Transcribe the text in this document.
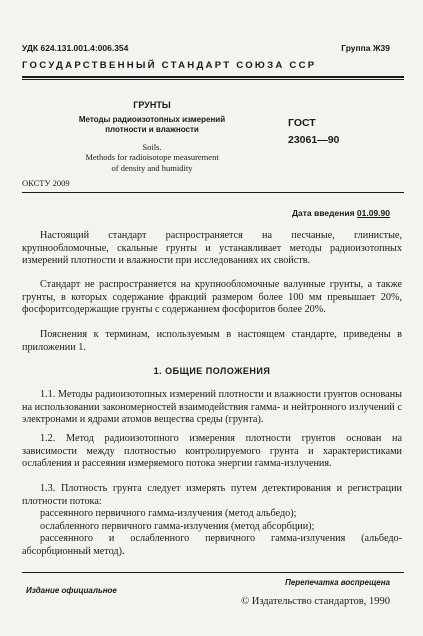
УДК 624.131.001.4:006.354	Группа Ж39
ГОСУДАРСТВЕННЫЙ СТАНДАРТ СОЮЗА ССР
ГРУНТЫ
Методы радиоизотопных измерений
плотности и влажности
Soils.
Methods for radioisotope measurement
of density and humidity
ГОСТ
23061—90
ОКСТУ 2009
Дата введения 01.09.90

Настоящий стандарт распространяется на песчаные, глинистые, крупнообломочные, скальные грунты и устанавливает методы радиоизотопных измерений плотности и влажности при исследованиях их свойств.

Стандарт не распространяется на крупнообломочные валунные грунты, а также грунты, в которых содержание фракций размером более 100 мм превышает 20%, фосфоритсодержащие грунты с содержанием фосфоритов более 20%.

Пояснения к терминам, используемым в настоящем стандарте, приведены в приложении 1.

1. ОБЩИЕ ПОЛОЖЕНИЯ

1.1. Методы радиоизотопных измерений плотности и влажности грунтов основаны на использовании закономерностей взаимодействия гамма- и нейтронного излучений с электронами и ядрами атомов вещества среды (грунта).

1.2. Метод радиоизотопного измерения плотности грунтов основан на зависимости между плотностью контролируемого грунта и характеристиками ослабления и рассеяния измеряемого потока энергии гамма-излучения.

1.3. Плотность грунта следует измерять путем детектирования и регистрации плотности потока:

рассеянного первичного гамма-излучения (метод альбедо);

ослабленного первичного гамма-излучения (метод абсорбции);

рассеянного и ослабленного первичного гамма-излучения (альбедо-абсорбционный метод).

Издание официальное
Перепечатка воспрещена
© Издательство стандартов, 1990
